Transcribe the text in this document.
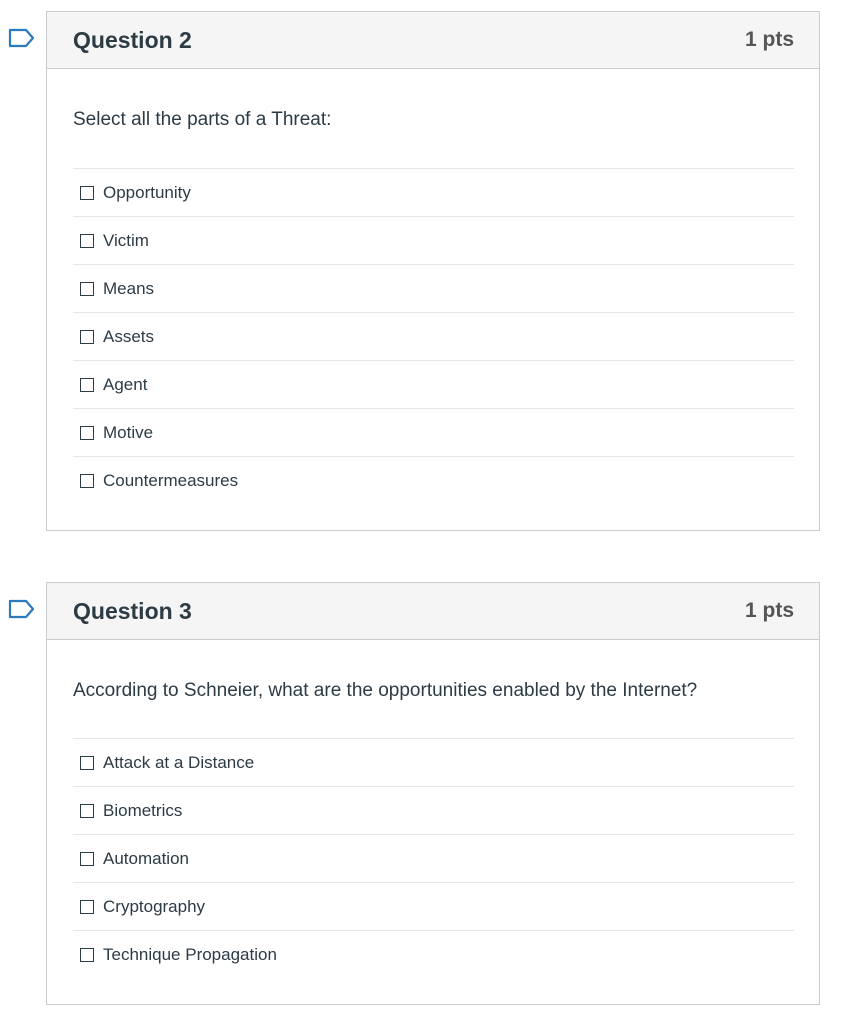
Question 2	1 pts
Select all the parts of a Threat:
Opportunity
Victim
Means
Assets
Agent
Motive
Countermeasures
Question 3	1 pts
According to Schneier, what are the opportunities enabled by the Internet?
Attack at a Distance
Biometrics
Automation
Cryptography
Technique Propagation
